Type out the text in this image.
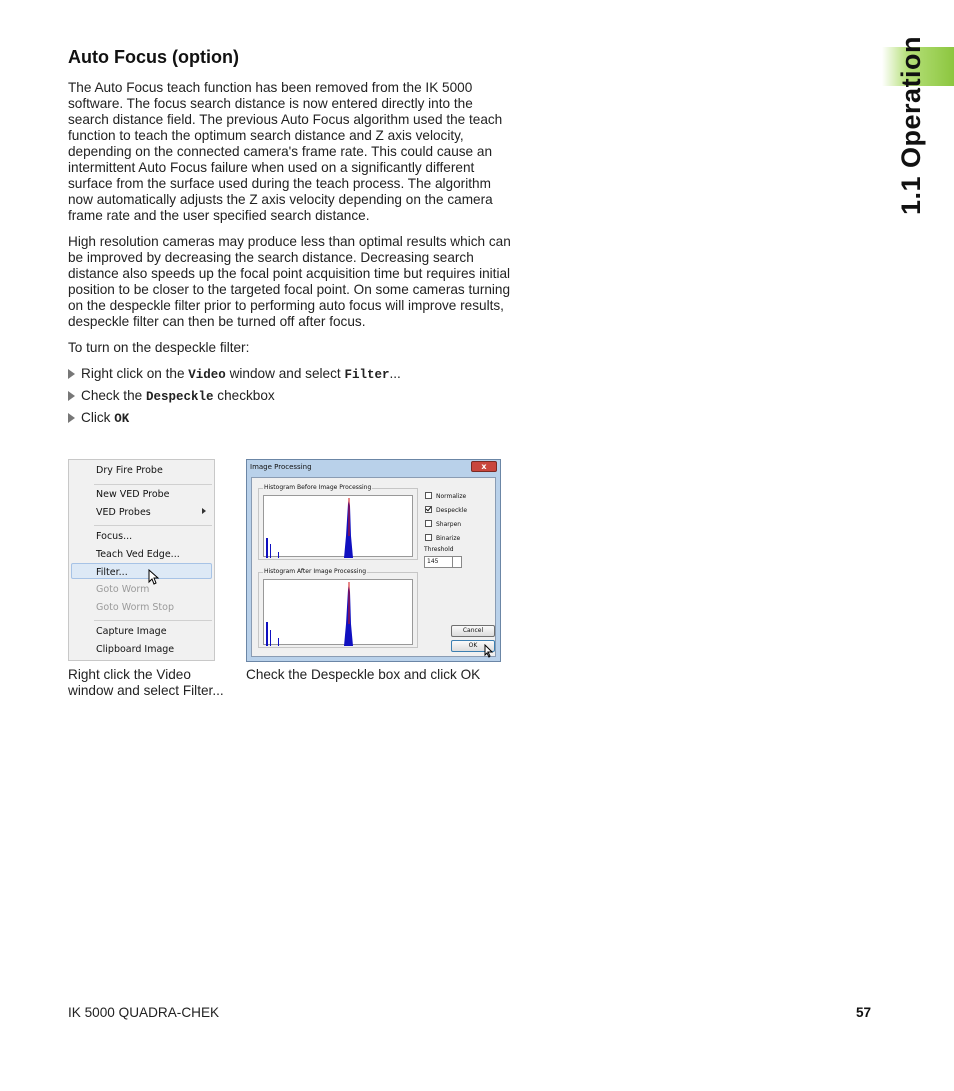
1.1 Operation
Auto Focus (option)

The Auto Focus teach function has been removed from the IK 5000 software. The focus search distance is now entered directly into the search distance field. The previous Auto Focus algorithm used the teach function to teach the optimum search distance and Z axis velocity, depending on the connected camera's frame rate. This could cause an intermittent Auto Focus failure when used on a significantly different surface from the surface used during the teach process. The algorithm now automatically adjusts the Z axis velocity depending on the camera frame rate and the user specified search distance.

High resolution cameras may produce less than optimal results which can be improved by decreasing the search distance. Decreasing search distance also speeds up the focal point acquisition time but requires initial position to be closer to the targeted focal point. On some cameras turning on the despeckle filter prior to performing auto focus will improve results, despeckle filter can then be turned off after focus.

To turn on the despeckle filter:

Right click on the Video window and select Filter...
Check the Despeckle checkbox
Click OK
Dry Fire Probe
New VED Probe
VED Probes
Focus...
Teach Ved Edge...
Filter...
Goto Worm
Goto Worm Stop
Capture Image
Clipboard Image
Image Processing	x
Histogram Before Image Processing
Histogram After Image Processing
Normalize
Despeckle
Sharpen
Binarize
Threshold
145
Cancel
OK
Right click the Video window and select Filter...
Check the Despeckle box and click OK
IK 5000 QUADRA-CHEK	57
